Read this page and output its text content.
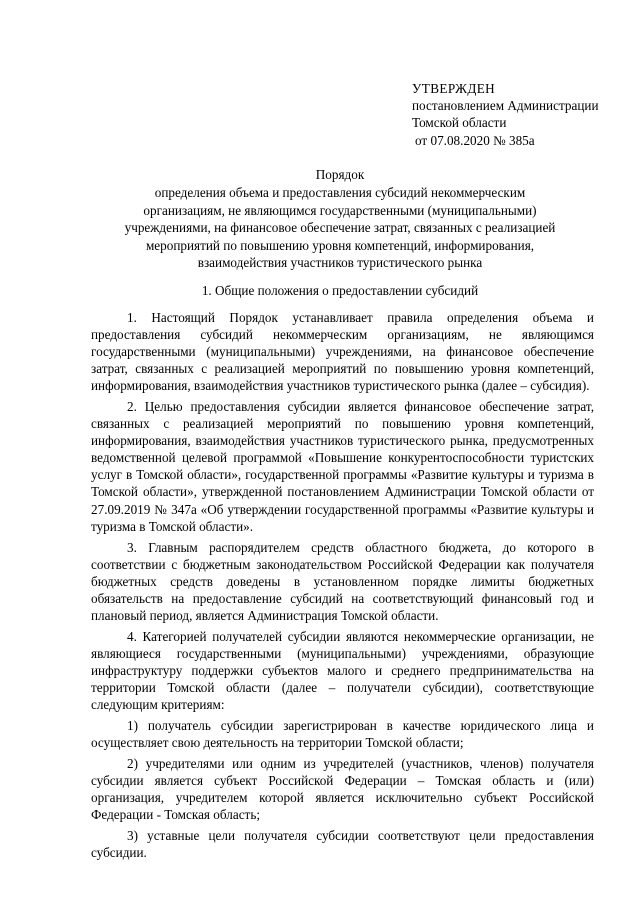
УТВЕРЖДЕН
постановлением Администрации
Томской области
от 07.08.2020 № 385а
Порядок
определения объема и предоставления субсидий некоммерческим
организациям, не являющимся государственными (муниципальными)
учреждениями, на финансовое обеспечение затрат, связанных с реализацией
мероприятий по повышению уровня компетенций, информирования,
взаимодействия участников туристического рынка
1. Общие положения о предоставлении субсидий

1. Настоящий Порядок устанавливает правила определения объема и предоставления субсидий некоммерческим организациям, не являющимся государственными (муниципальными) учреждениями, на финансовое обеспечение затрат, связанных с реализацией мероприятий по повышению уровня компетенций, информирования, взаимодействия участников туристического рынка (далее – субсидия).

2. Целью предоставления субсидии является финансовое обеспечение затрат, связанных с реализацией мероприятий по повышению уровня компетенций, информирования, взаимодействия участников туристического рынка, предусмотренных ведомственной целевой программой «Повышение конкурентоспособности туристских услуг в Томской области», государственной программы «Развитие культуры и туризма в Томской области», утвержденной постановлением Администрации Томской области от 27.09.2019 № 347а «Об утверждении государственной программы «Развитие культуры и туризма в Томской области».

3. Главным распорядителем средств областного бюджета, до которого в соответствии с бюджетным законодательством Российской Федерации как получателя бюджетных средств доведены в установленном порядке лимиты бюджетных обязательств на предоставление субсидий на соответствующий финансовый год и плановый период, является Администрация Томской области.

4. Категорией получателей субсидии являются некоммерческие организации, не являющиеся государственными (муниципальными) учреждениями, образующие инфраструктуру поддержки субъектов малого и среднего предпринимательства на территории Томской области (далее – получатели субсидии), соответствующие следующим критериям:

1) получатель субсидии зарегистрирован в качестве юридического лица и осуществляет свою деятельность на территории Томской области;

2) учредителями или одним из учредителей (участников, членов) получателя субсидии является субъект Российской Федерации – Томская область и (или) организация, учредителем которой является исключительно субъект Российской Федерации - Томская область;

3) уставные цели получателя субсидии соответствуют цели предоставления субсидии.
